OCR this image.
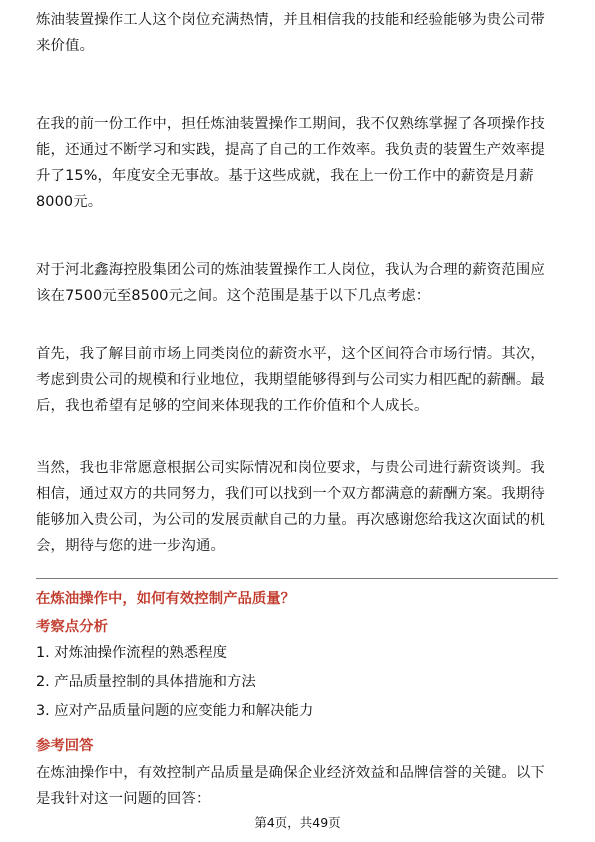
炼油装置操作工人这个岗位充满热情，并且相信我的技能和经验能够为贵公司带来价值。

在我的前一份工作中，担任炼油装置操作工期间，我不仅熟练掌握了各项操作技能，还通过不断学习和实践，提高了自己的工作效率。我负责的装置生产效率提升了15%，年度安全无事故。基于这些成就，我在上一份工作中的薪资是月薪8000元。

对于河北鑫海控股集团公司的炼油装置操作工人岗位，我认为合理的薪资范围应该在7500元至8500元之间。这个范围是基于以下几点考虑：

首先，我了解目前市场上同类岗位的薪资水平，这个区间符合市场行情。其次，考虑到贵公司的规模和行业地位，我期望能够得到与公司实力相匹配的薪酬。最后，我也希望有足够的空间来体现我的工作价值和个人成长。

当然，我也非常愿意根据公司实际情况和岗位要求，与贵公司进行薪资谈判。我相信，通过双方的共同努力，我们可以找到一个双方都满意的薪酬方案。我期待能够加入贵公司，为公司的发展贡献自己的力量。再次感谢您给我这次面试的机会，期待与您的进一步沟通。

在炼油操作中，如何有效控制产品质量？

考察点分析

1. 对炼油操作流程的熟悉程度
2. 产品质量控制的具体措施和方法
3. 应对产品质量问题的应变能力和解决能力

参考回答

在炼油操作中，有效控制产品质量是确保企业经济效益和品牌信誉的关键。以下是我针对这一问题的回答：

第4页，共49页
